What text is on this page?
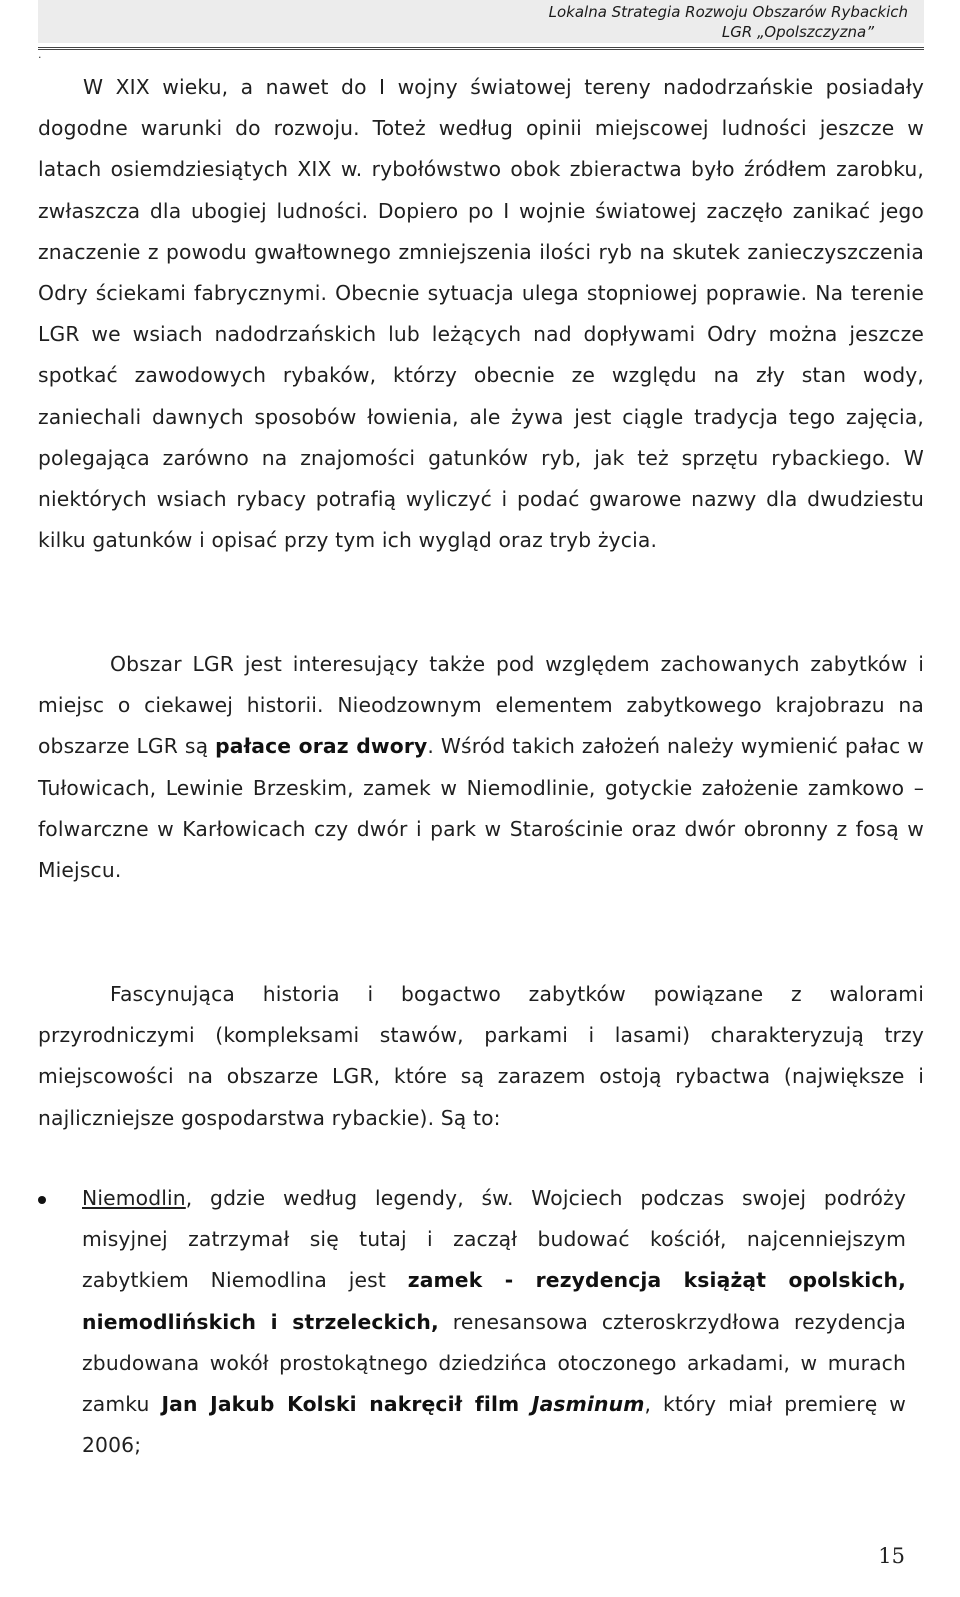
Lokalna Strategia Rozwoju Obszarów Rybackich
LGR „Opolszczyzna”
.
W XIX wieku, a nawet do I wojny światowej tereny nadodrzańskie posiadały dogodne warunki do rozwoju. Toteż według opinii miejscowej ludności jeszcze w latach osiemdziesiątych XIX w. rybołówstwo obok zbieractwa było źródłem zarobku, zwłaszcza dla ubogiej ludności. Dopiero po I wojnie światowej zaczęło zanikać jego znaczenie z powodu gwałtownego zmniejszenia ilości ryb na skutek zanieczyszczenia Odry ściekami fabrycznymi. Obecnie sytuacja ulega stopniowej poprawie. Na terenie LGR we wsiach nadodrzańskich lub leżących nad dopływami Odry można jeszcze spotkać zawodowych rybaków, którzy obecnie ze względu na zły stan wody, zaniechali dawnych sposobów łowienia, ale żywa jest ciągle tradycja tego zajęcia, polegająca zarówno na znajomości gatunków ryb, jak też sprzętu rybackiego. W niektórych wsiach rybacy potrafią wyliczyć i podać gwarowe nazwy dla dwudziestu kilku gatunków i opisać przy tym ich wygląd oraz tryb życia.
Obszar LGR jest interesujący także pod względem zachowanych zabytków i miejsc o ciekawej historii. Nieodzownym elementem zabytkowego krajobrazu na obszarze LGR są pałace oraz dwory. Wśród takich założeń należy wymienić pałac w Tułowicach, Lewinie Brzeskim, zamek w Niemodlinie, gotyckie założenie zamkowo – folwarczne w Karłowicach czy dwór i park w Starościnie oraz dwór obronny z fosą w Miejscu.
Fascynująca historia i bogactwo zabytków powiązane z walorami przyrodniczymi (kompleksami stawów, parkami i lasami) charakteryzują trzy miejscowości na obszarze LGR, które są zarazem ostoją rybactwa (największe i najliczniejsze gospodarstwa rybackie). Są to:
Niemodlin, gdzie według legendy, św. Wojciech podczas swojej podróży misyjnej zatrzymał się tutaj i zaczął budować kościół, najcenniejszym zabytkiem Niemodlina jest zamek - rezydencja książąt opolskich, niemodlińskich i strzeleckich, renesansowa czteroskrzydłowa rezydencja zbudowana wokół prostokątnego dziedzińca otoczonego arkadami, w murach zamku Jan Jakub Kolski nakręcił film Jasminum, który miał premierę w 2006;
15
